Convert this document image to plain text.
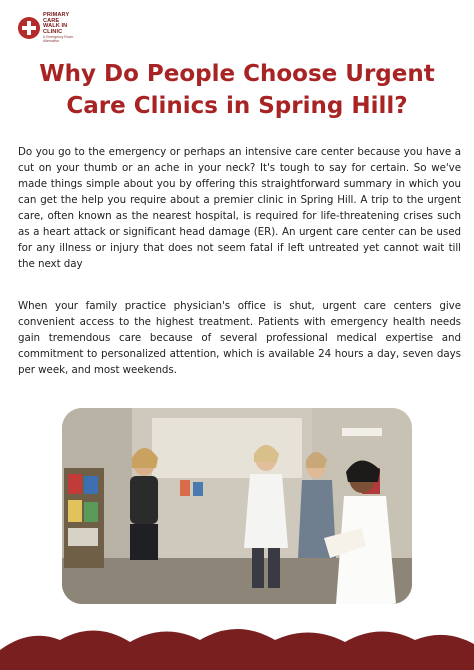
PRIMARY CARE
WALK IN CLINIC
& Emergency Room Alternative
Why Do People Choose Urgent Care Clinics in Spring Hill?

Do you go to the emergency or perhaps an intensive care center because you have a cut on your thumb or an ache in your neck? It's tough to say for certain. So we've made things simple about you by offering this straightforward summary in which you can get the help you require about a premier clinic in Spring Hill. A trip to the urgent care, often known as the nearest hospital, is required for life-threatening crises such as a heart attack or significant head damage (ER). An urgent care center can be used for any illness or injury that does not seem fatal if left untreated yet cannot wait till the next day

When your family practice physician's office is shut, urgent care centers give convenient access to the highest treatment. Patients with emergency health needs gain tremendous care because of several professional medical expertise and commitment to personalized attention, which is available 24 hours a day, seven days per week, and most weekends.
